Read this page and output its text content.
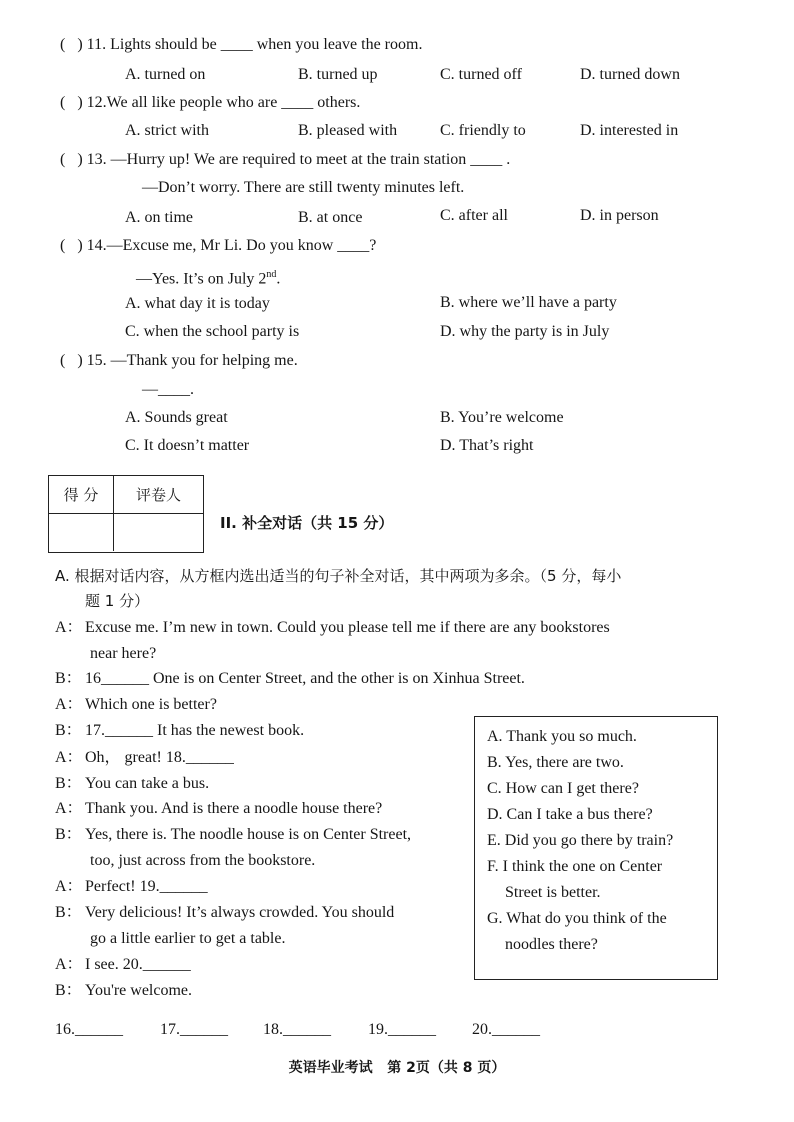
(   ) 11. Lights should be ____ when you leave the room.
A. turned on	B. turned up	C. turned off	D. turned down
(   ) 12.We all like people who are ____ others.
A. strict with	B. pleased with	C. friendly to	D. interested in
(   ) 13. —Hurry up! We are required to meet at the train station ____ .
—Don’t worry. There are still twenty minutes left.
A. on time	B. at once	C. after all	D. in person
(   ) 14.—Excuse me, Mr Li. Do you know ____?
—Yes. It’s on July 2nd.
A. what day it is today	B. where we’ll have a party
C. when the school party is	D. why the party is in July
(   ) 15. —Thank you for helping me.
—____.
A. Sounds great	B. You’re welcome
C. It doesn’t matter	D. That’s right
得 分	评卷人
II. 补全对话（共 15 分）
A. 根据对话内容，从方框内选出适当的句子补全对话，其中两项为多余。（5 分，每小
题 1 分）
A： Excuse me. I’m new in town. Could you please tell me if there are any bookstores
near here?
B： 16______ One is on Center Street, and the other is on Xinhua Street.
A： Which one is better?
B： 17.______ It has the newest book.
A： Oh， great! 18.______
B： You can take a bus.
A： Thank you. And is there a noodle house there?
B： Yes, there is. The noodle house is on Center Street,
too, just across from the bookstore.
A： Perfect! 19.______
B： Very delicious! It’s always crowded. You should
go a little earlier to get a table.
A： I see. 20.______
B： You're welcome.
A. Thank you so much.
B. Yes, there are two.
C. How can I get there?
D. Can I take a bus there?
E. Did you go there by train?
F. I think the one on Center
Street is better.
G. What do you think of the
noodles there?
16.______ 17.______ 18.______ 19.______ 20.______
英语毕业考试   第 2页（共 8 页）
